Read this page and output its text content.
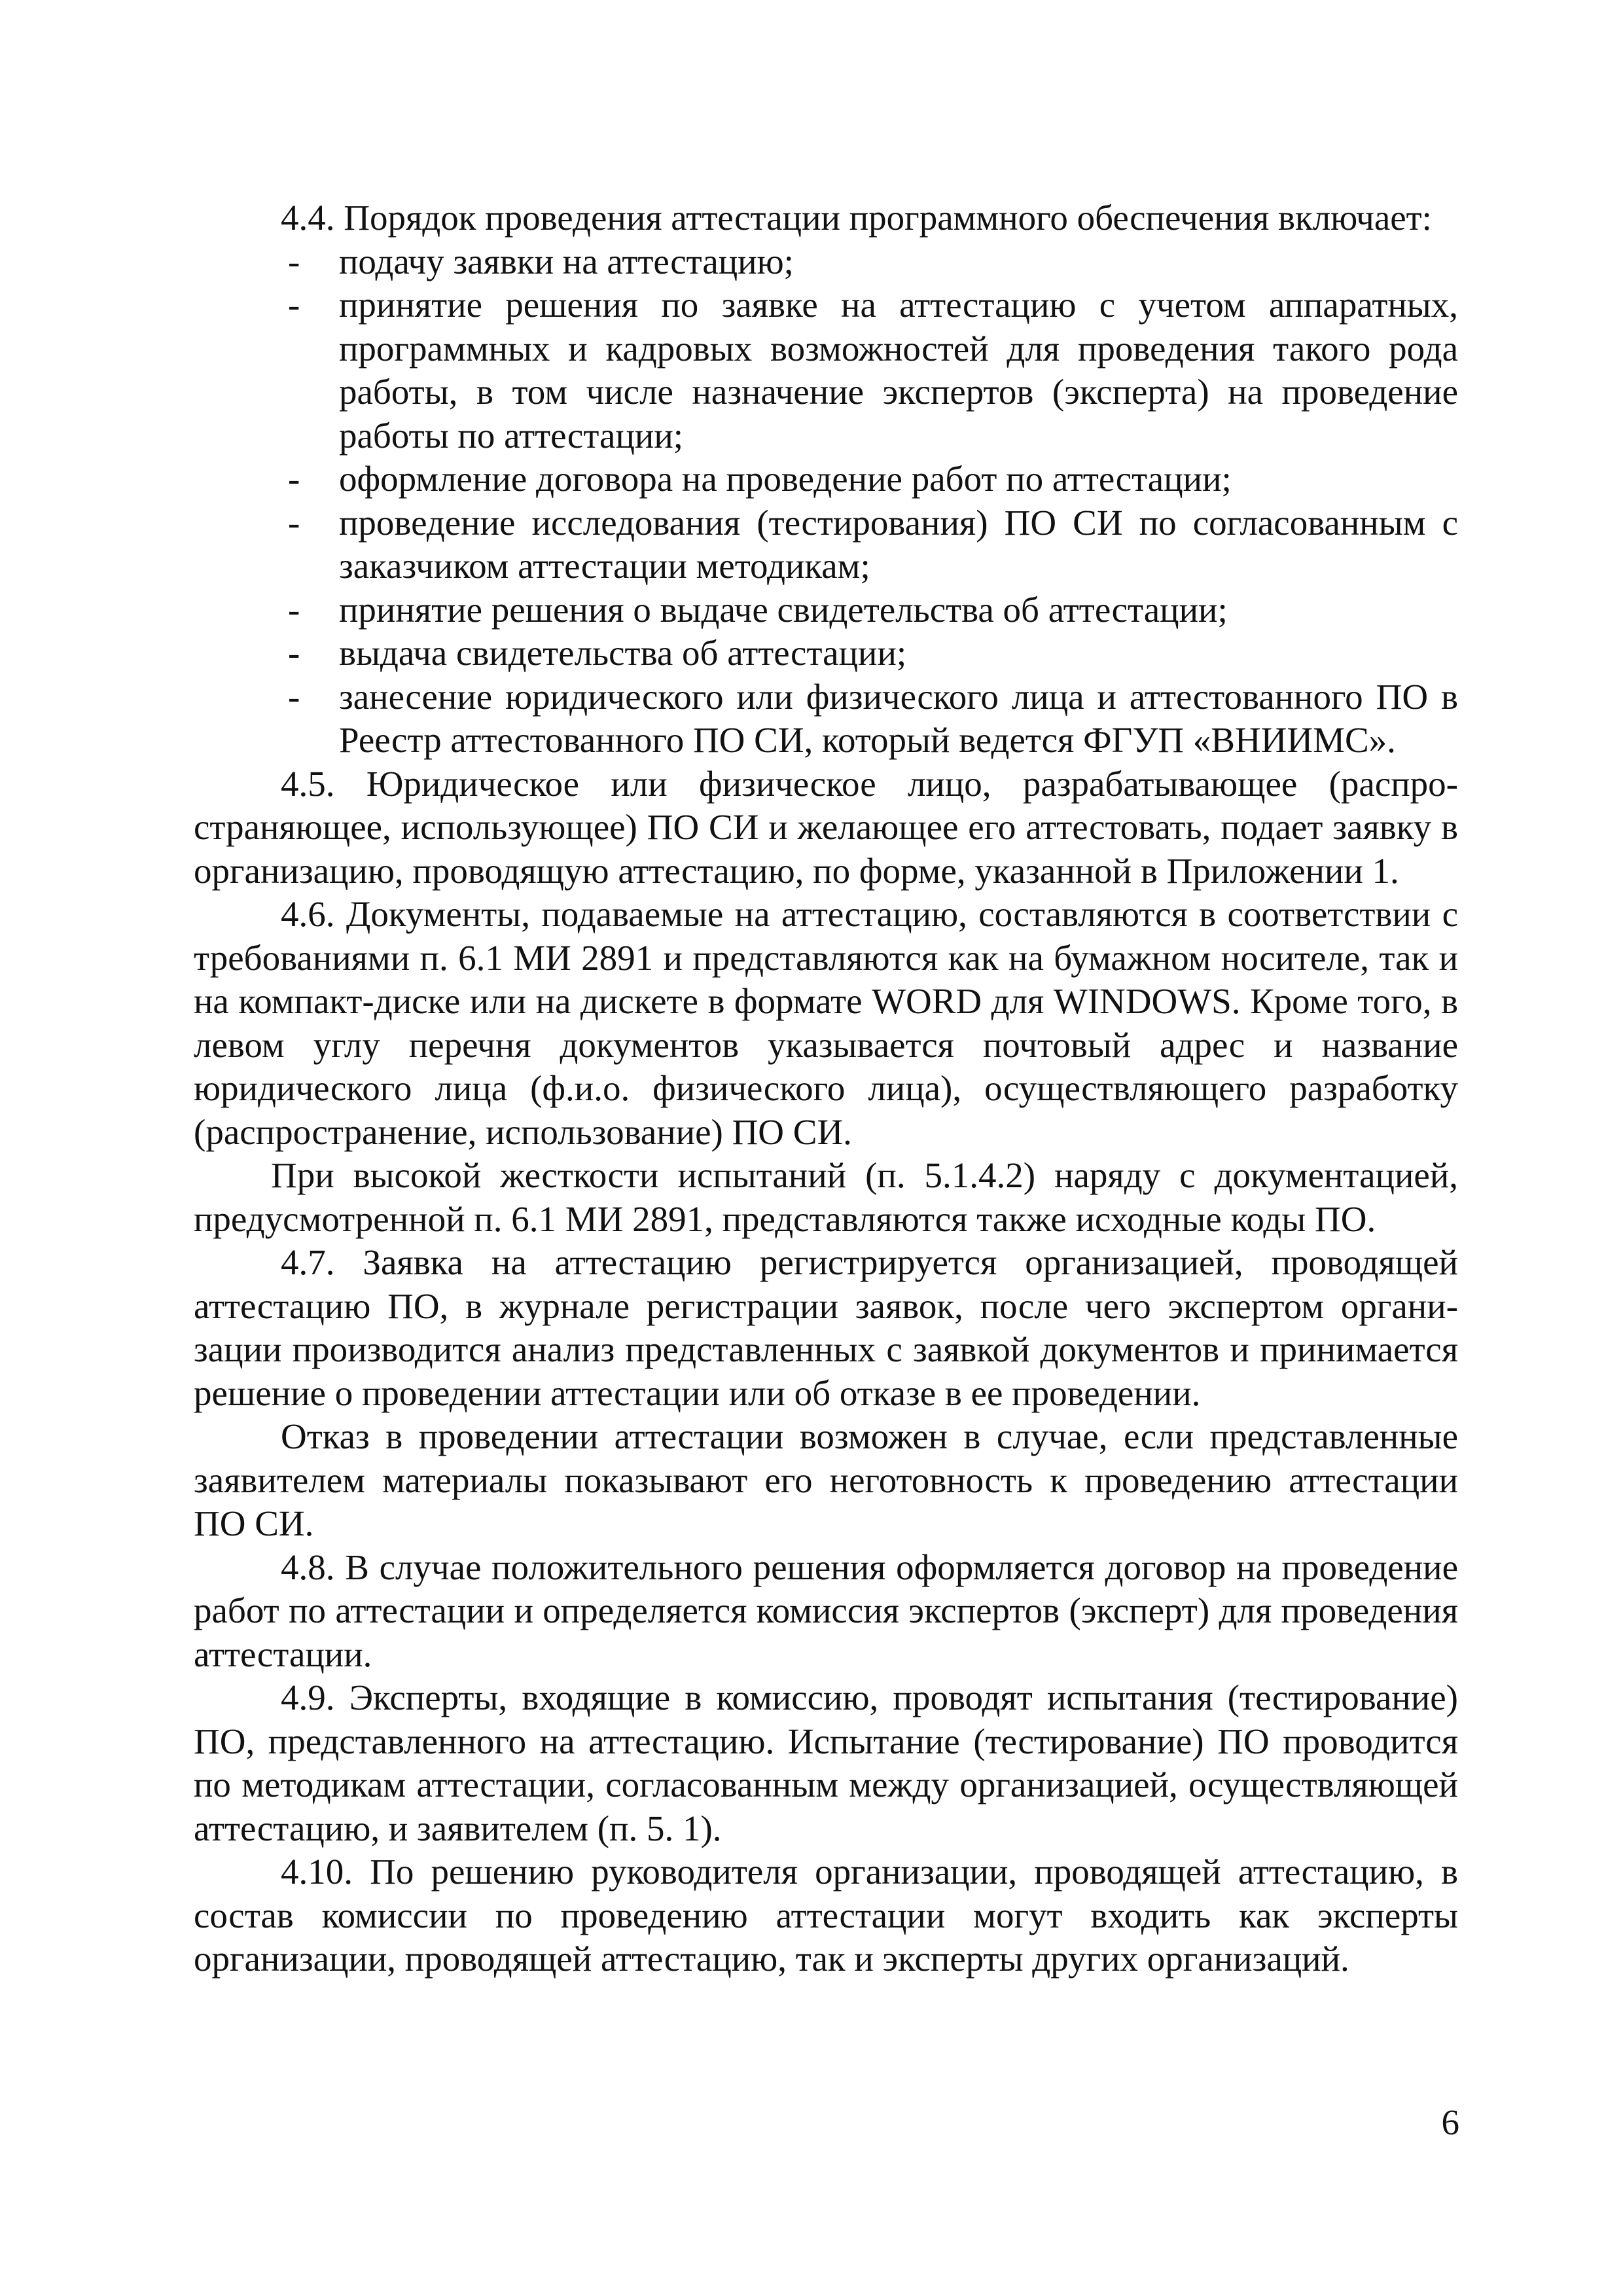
4.4. Порядок проведения аттестации программного обеспечения включает:

- подачу заявки на аттестацию;
- принятие решения по заявке на аттестацию с учетом аппаратных, программных и кадровых возможностей для проведения такого рода работы, в том числе назначение экспертов (эксперта) на проведение работы по аттестации;
- оформление договора на проведение работ по аттестации;
- проведение исследования (тестирования) ПО СИ по согласованным с заказчиком аттестации методикам;
- принятие решения о выдаче свидетельства об аттестации;
- выдача свидетельства об аттестации;
- занесение юридического или физического лица и аттестованного ПО в Реестр аттестованного ПО СИ, который ведется ФГУП «ВНИИМС».

4.5. Юридическое или физическое лицо, разрабатывающее (распространяющее, использующее) ПО СИ и желающее его аттестовать, подает заявку в организацию, проводящую аттестацию, по форме, указанной в Приложении 1.

4.6. Документы, подаваемые на аттестацию, составляются в соответствии с требованиями п. 6.1 МИ 2891 и представляются как на бумажном носителе, так и на компакт-диске или на дискете в формате WORD для WINDOWS. Кроме того, в левом углу перечня документов указывается почтовый адрес и название юридического лица (ф.и.о. физического лица), осуществляющего разработку (распространение, использование) ПО СИ.

При высокой жесткости испытаний (п. 5.1.4.2) наряду с документацией, предусмотренной п. 6.1 МИ 2891, представляются также исходные коды ПО.

4.7. Заявка на аттестацию регистрируется организацией, проводящей аттестацию ПО, в журнале регистрации заявок, после чего экспертом организации производится анализ представленных с заявкой документов и принимается решение о проведении аттестации или об отказе в ее проведении.

Отказ в проведении аттестации возможен в случае, если представленные заявителем материалы показывают его неготовность к проведению аттестации ПО СИ.

4.8. В случае положительного решения оформляется договор на проведение работ по аттестации и определяется комиссия экспертов (эксперт) для проведения аттестации.

4.9. Эксперты, входящие в комиссию, проводят испытания (тестирование) ПО, представленного на аттестацию. Испытание (тестирование) ПО проводится по методикам аттестации, согласованным между организацией, осуществляющей аттестацию, и заявителем (п. 5. 1).

4.10. По решению руководителя организации, проводящей аттестацию, в состав комиссии по проведению аттестации могут входить как эксперты организации, проводящей аттестацию, так и эксперты других организаций.

6
